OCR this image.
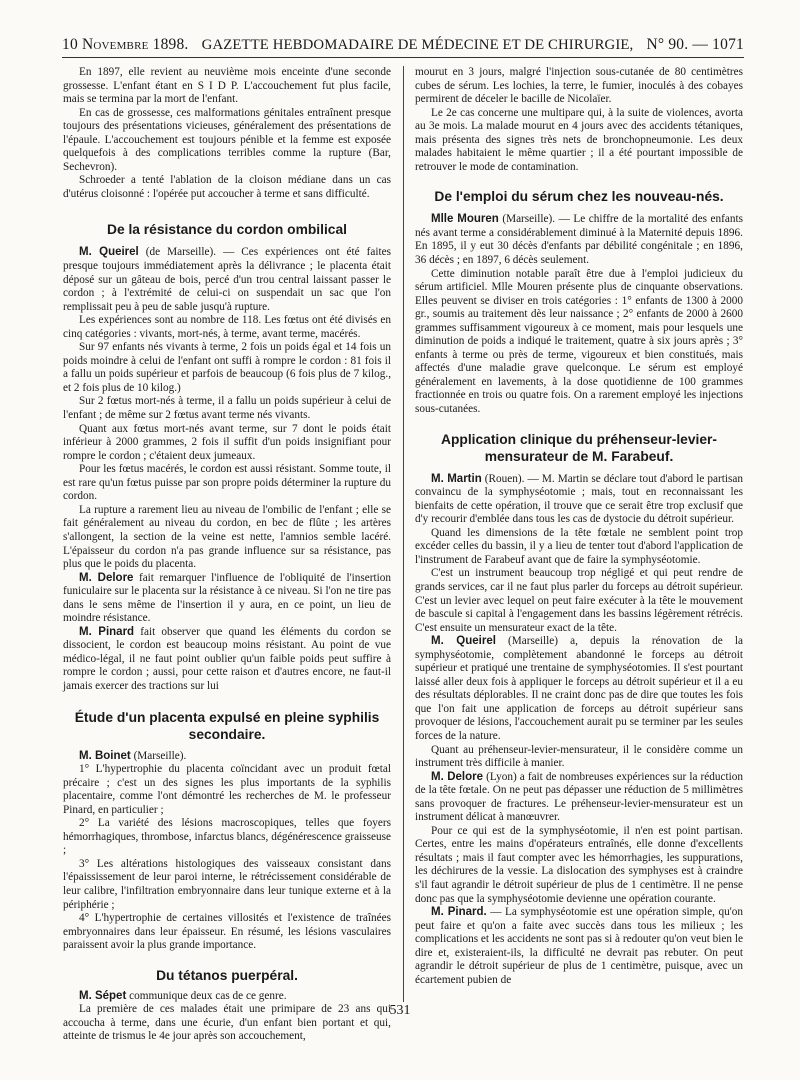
10 Novembre 1898. GAZETTE HEBDOMADAIRE DE MÉDECINE ET DE CHIRURGIE, N° 90. — 1071

En 1897, elle revient au neuvième mois enceinte d'une seconde grossesse. L'enfant étant en S I D P. L'accouchement fut plus facile, mais se termina par la mort de l'enfant.

En cas de grossesse, ces malformations génitales entraînent presque toujours des présentations vicieuses, généralement des présentations de l'épaule. L'accouchement est toujours pénible et la femme est exposée quelquefois à des complications terribles comme la rupture (Bar, Sechevron).

Schroeder a tenté l'ablation de la cloison médiane dans un cas d'utérus cloisonné : l'opérée put accoucher à terme et sans difficulté.

De la résistance du cordon ombilical

M. Queirel (de Marseille). — Ces expériences ont été faites presque toujours immédiatement après la délivrance ; le placenta était déposé sur un gâteau de bois, percé d'un trou central laissant passer le cordon ; à l'extrémité de celui-ci on suspendait un sac que l'on remplissait peu à peu de sable jusqu'à rupture.

Les expériences sont au nombre de 118. Les fœtus ont été divisés en cinq catégories : vivants, mort-nés, à terme, avant terme, macérés.

Sur 97 enfants nés vivants à terme, 2 fois un poids égal et 14 fois un poids moindre à celui de l'enfant ont suffi à rompre le cordon : 81 fois il a fallu un poids supérieur et parfois de beaucoup (6 fois plus de 7 kilog., et 2 fois plus de 10 kilog.)

Sur 2 fœtus mort-nés à terme, il a fallu un poids supérieur à celui de l'enfant ; de même sur 2 fœtus avant terme nés vivants.

Quant aux fœtus mort-nés avant terme, sur 7 dont le poids était inférieur à 2000 grammes, 2 fois il suffit d'un poids insignifiant pour rompre le cordon ; c'étaient deux jumeaux.

Pour les fœtus macérés, le cordon est aussi résistant. Somme toute, il est rare qu'un fœtus puisse par son propre poids déterminer la rupture du cordon.

La rupture a rarement lieu au niveau de l'ombilic de l'enfant ; elle se fait généralement au niveau du cordon, en bec de flûte ; les artères s'allongent, la section de la veine est nette, l'amnios semble lacéré. L'épaisseur du cordon n'a pas grande influence sur sa résistance, pas plus que le poids du placenta.

M. Delore fait remarquer l'influence de l'obliquité de l'insertion funiculaire sur le placenta sur la résistance à ce niveau. Si l'on ne tire pas dans le sens même de l'insertion il y aura, en ce point, un lieu de moindre résistance.

M. Pinard fait observer que quand les éléments du cordon se dissocient, le cordon est beaucoup moins résistant. Au point de vue médico-légal, il ne faut point oublier qu'un faible poids peut suffire à rompre le cordon ; aussi, pour cette raison et d'autres encore, ne faut-il jamais exercer des tractions sur lui

Étude d'un placenta expulsé en pleine syphilis secondaire.

M. Boinet (Marseille).

1° L'hypertrophie du placenta coïncidant avec un produit fœtal précaire ; c'est un des signes les plus importants de la syphilis placentaire, comme l'ont démontré les recherches de M. le professeur Pinard, en particulier ;

2° La variété des lésions macroscopiques, telles que foyers hémorrhagiques, thrombose, infarctus blancs, dégénérescence graisseuse ;

3° Les altérations histologiques des vaisseaux consistant dans l'épaississement de leur paroi interne, le rétrécissement considérable de leur calibre, l'infiltration embryonnaire dans leur tunique externe et à la périphérie ;

4° L'hypertrophie de certaines villosités et l'existence de traînées embryonnaires dans leur épaisseur. En résumé, les lésions vasculaires paraissent avoir la plus grande importance.

Du tétanos puerpéral.

M. Sépet communique deux cas de ce genre.

La première de ces malades était une primipare de 23 ans qui accoucha à terme, dans une écurie, d'un enfant bien portant et qui, atteinte de trismus le 4e jour après son accouchement,

mourut en 3 jours, malgré l'injection sous-cutanée de 80 centimètres cubes de sérum. Les lochies, la terre, le fumier, inoculés à des cobayes permirent de déceler le bacille de Nicolaïer.

Le 2e cas concerne une multipare qui, à la suite de violences, avorta au 3e mois. La malade mourut en 4 jours avec des accidents tétaniques, mais présenta des signes très nets de bronchopneumonie. Les deux malades habitaient le même quartier ; il a été pourtant impossible de retrouver le mode de contamination.

De l'emploi du sérum chez les nouveau-nés.

Mlle Mouren (Marseille). — Le chiffre de la mortalité des enfants nés avant terme a considérablement diminué à la Maternité depuis 1896. En 1895, il y eut 30 décès d'enfants par débilité congénitale ; en 1896, 36 décès ; en 1897, 6 décès seulement.

Cette diminution notable paraît être due à l'emploi judicieux du sérum artificiel. Mlle Mouren présente plus de cinquante observations. Elles peuvent se diviser en trois catégories : 1° enfants de 1300 à 2000 gr., soumis au traitement dès leur naissance ; 2° enfants de 2000 à 2600 grammes suffisamment vigoureux à ce moment, mais pour lesquels une diminution de poids a indiqué le traitement, quatre à six jours après ; 3° enfants à terme ou près de terme, vigoureux et bien constitués, mais affectés d'une maladie grave quelconque. Le sérum est employé généralement en lavements, à la dose quotidienne de 100 grammes fractionnée en trois ou quatre fois. On a rarement employé les injections sous-cutanées.

Application clinique du préhenseur-levier-mensurateur de M. Farabeuf.

M. Martin (Rouen). — M. Martin se déclare tout d'abord le partisan convaincu de la symphyséotomie ; mais, tout en reconnaissant les bienfaits de cette opération, il trouve que ce serait être trop exclusif que d'y recourir d'emblée dans tous les cas de dystocie du détroit supérieur.

Quand les dimensions de la tête fœtale ne semblent point trop excéder celles du bassin, il y a lieu de tenter tout d'abord l'application de l'instrument de Farabeuf avant que de faire la symphyséotomie.

C'est un instrument beaucoup trop négligé et qui peut rendre de grands services, car il ne faut plus parler du forceps au détroit supérieur. C'est un levier avec lequel on peut faire exécuter à la tête le mouvement de bascule si capital à l'engagement dans les bassins légèrement rétrécis. C'est ensuite un mensurateur exact de la tête.

M. Queirel (Marseille) a, depuis la rénovation de la symphyséotomie, complètement abandonné le forceps au détroit supérieur et pratiqué une trentaine de symphyséotomies. Il s'est pourtant laissé aller deux fois à appliquer le forceps au détroit supérieur et il a eu des résultats déplorables. Il ne craint donc pas de dire que toutes les fois que l'on fait une application de forceps au détroit supérieur sans provoquer de lésions, l'accouchement aurait pu se terminer par les seules forces de la nature.

Quant au préhenseur-levier-mensurateur, il le considère comme un instrument très difficile à manier.

M. Delore (Lyon) a fait de nombreuses expériences sur la réduction de la tête fœtale. On ne peut pas dépasser une réduction de 5 millimètres sans provoquer de fractures. Le préhenseur-levier-mensurateur est un instrument délicat à manœuvrer.

Pour ce qui est de la symphyséotomie, il n'en est point partisan. Certes, entre les mains d'opérateurs entraînés, elle donne d'excellents résultats ; mais il faut compter avec les hémorrhagies, les suppurations, les déchirures de la vessie. La dislocation des symphyses est à craindre s'il faut agrandir le détroit supérieur de plus de 1 centimètre. Il ne pense donc pas que la symphyséotomie devienne une opération courante.

M. Pinard. — La symphyséotomie est une opération simple, qu'on peut faire et qu'on a faite avec succès dans tous les milieux ; les complications et les accidents ne sont pas si à redouter qu'on veut bien le dire et, existeraient-ils, la difficulté ne devrait pas rebuter. On peut agrandir le détroit supérieur de plus de 1 centimètre, puisque, avec un écartement pubien de

531
